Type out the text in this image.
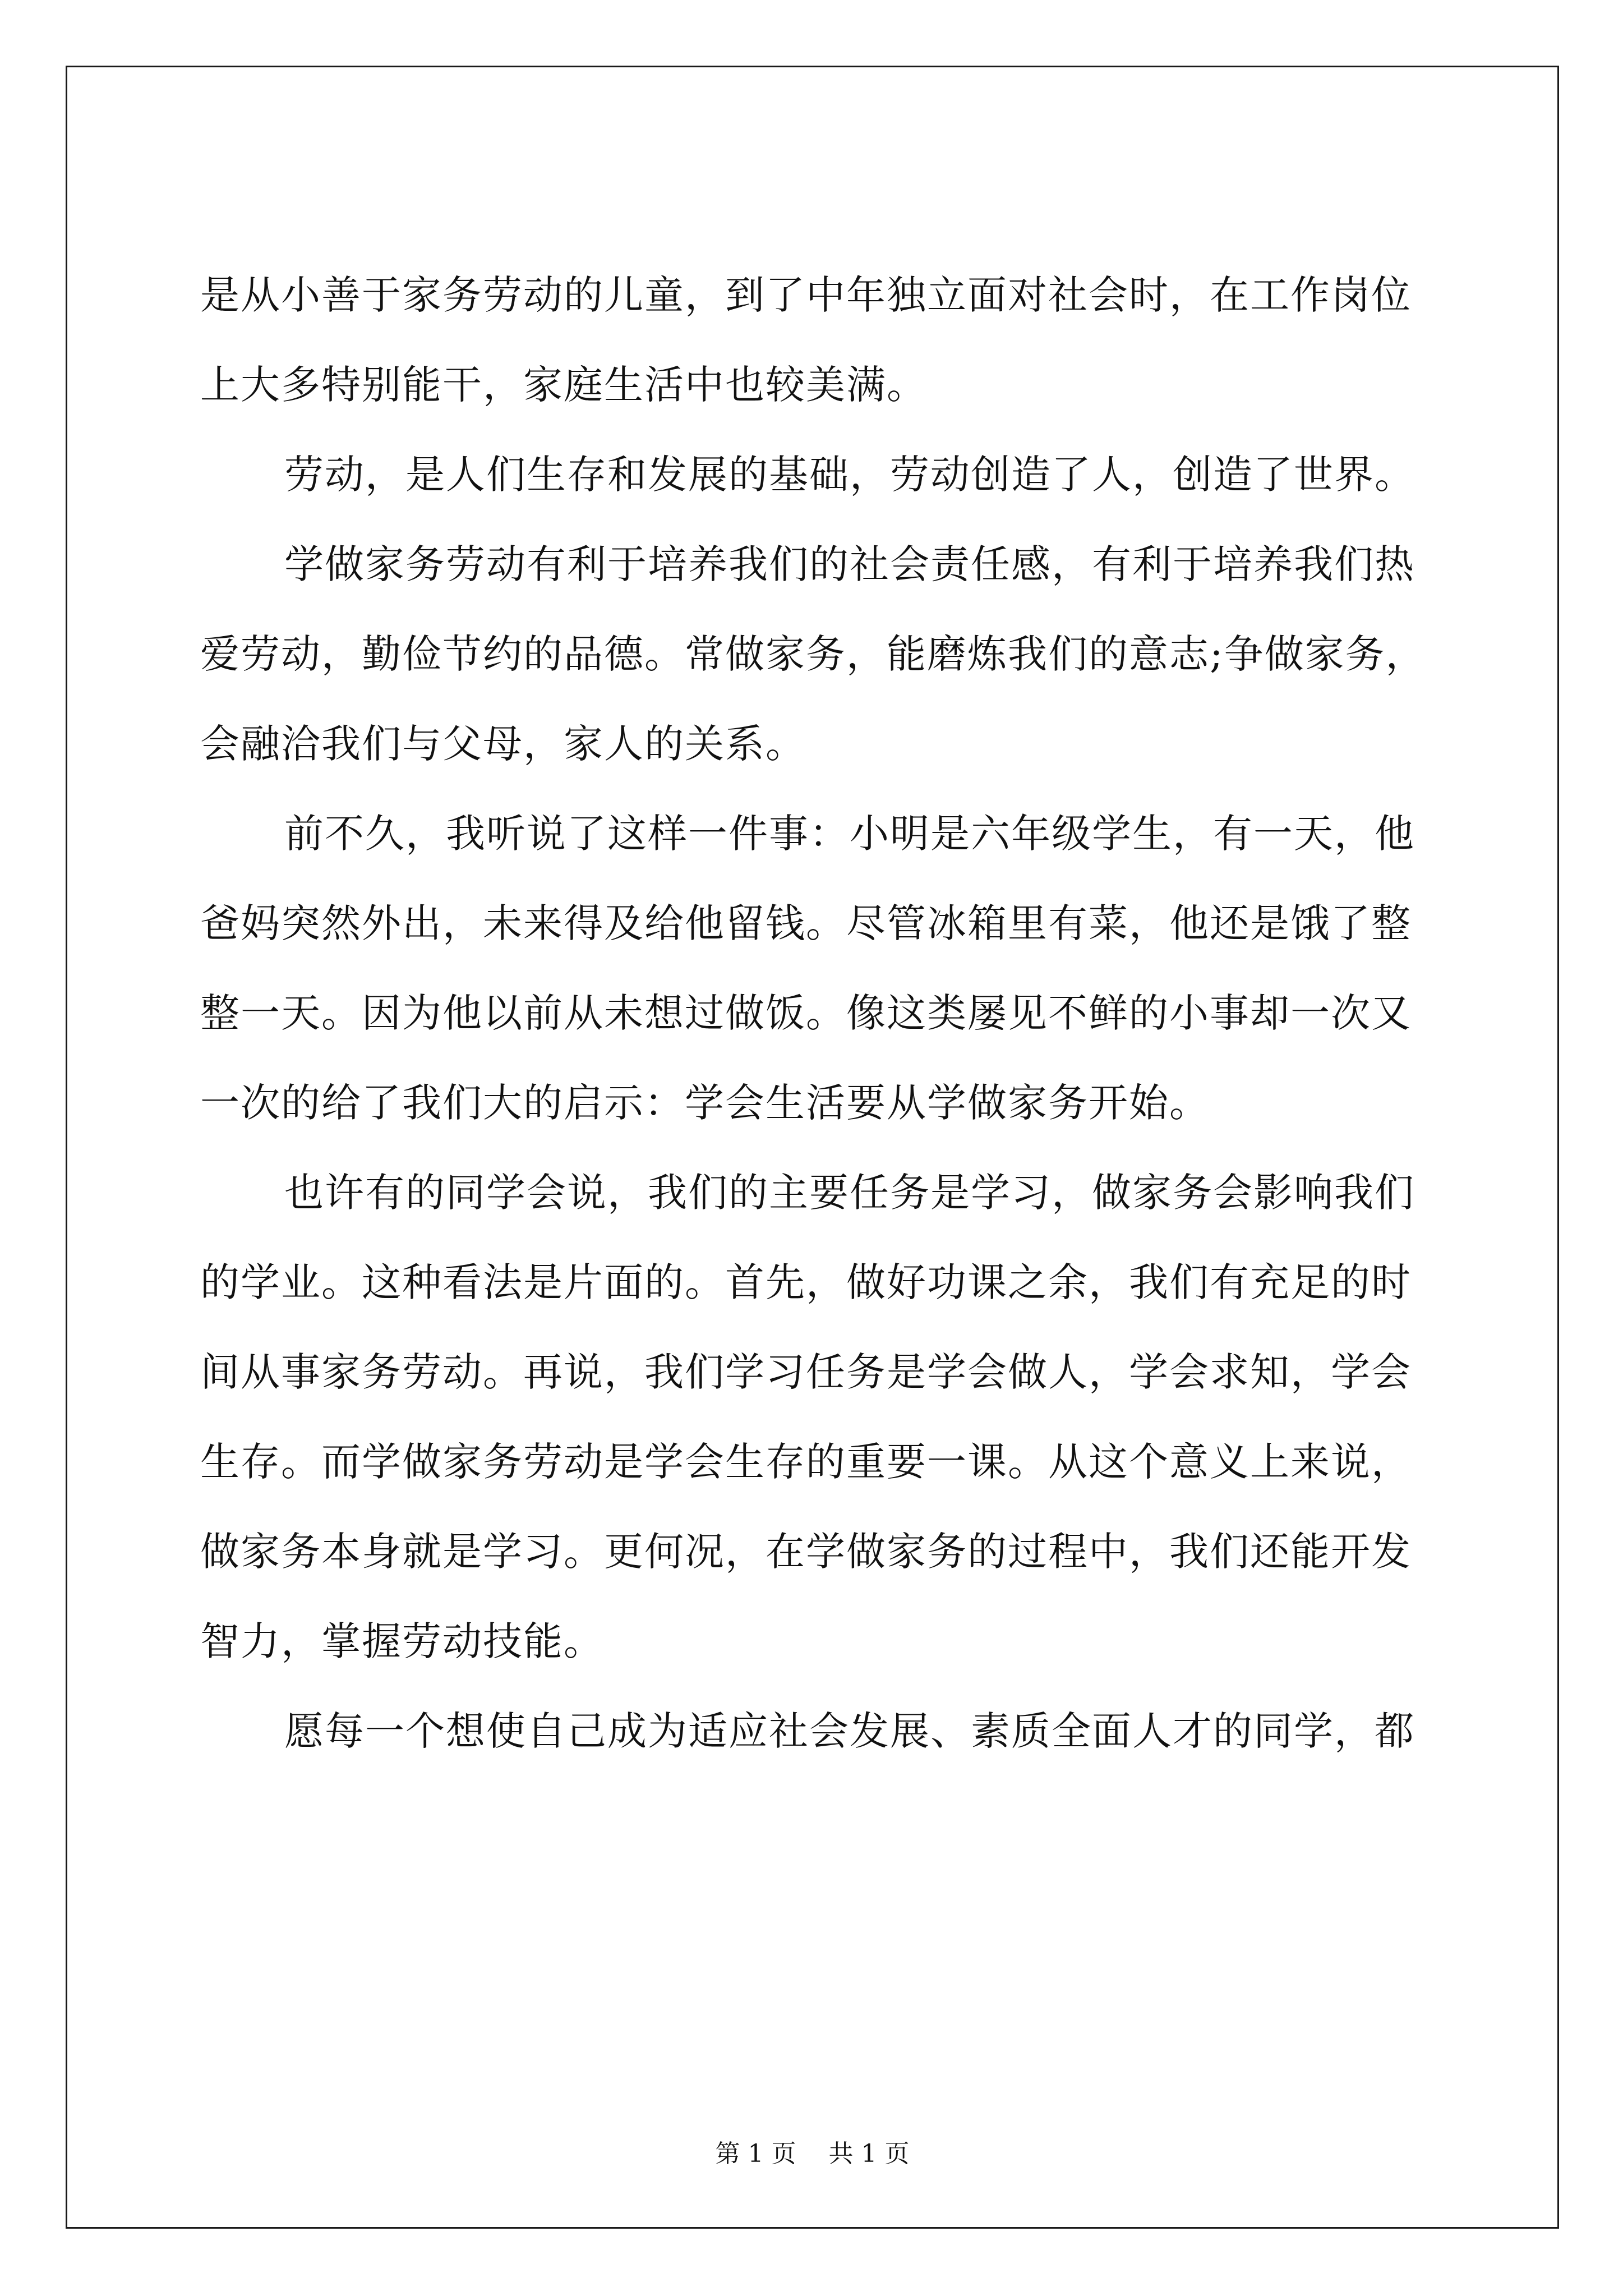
是从小善于家务劳动的儿童，到了中年独立面对社会时，在工作岗位
上大多特别能干，家庭生活中也较美满。
劳动，是人们生存和发展的基础，劳动创造了人，创造了世界。
学做家务劳动有利于培养我们的社会责任感，有利于培养我们热
爱劳动，勤俭节约的品德。常做家务，能磨炼我们的意志;争做家务，
会融洽我们与父母，家人的关系。
前不久，我听说了这样一件事：小明是六年级学生，有一天，他
爸妈突然外出，未来得及给他留钱。尽管冰箱里有菜，他还是饿了整
整一天。因为他以前从未想过做饭。像这类屡见不鲜的小事却一次又
一次的给了我们大的启示：学会生活要从学做家务开始。
也许有的同学会说，我们的主要任务是学习，做家务会影响我们
的学业。这种看法是片面的。首先，做好功课之余，我们有充足的时
间从事家务劳动。再说，我们学习任务是学会做人，学会求知，学会
生存。而学做家务劳动是学会生存的重要一课。从这个意义上来说，
做家务本身就是学习。更何况，在学做家务的过程中，我们还能开发
智力，掌握劳动技能。
愿每一个想使自己成为适应社会发展、素质全面人才的同学，都
第 1 页 共 1 页
